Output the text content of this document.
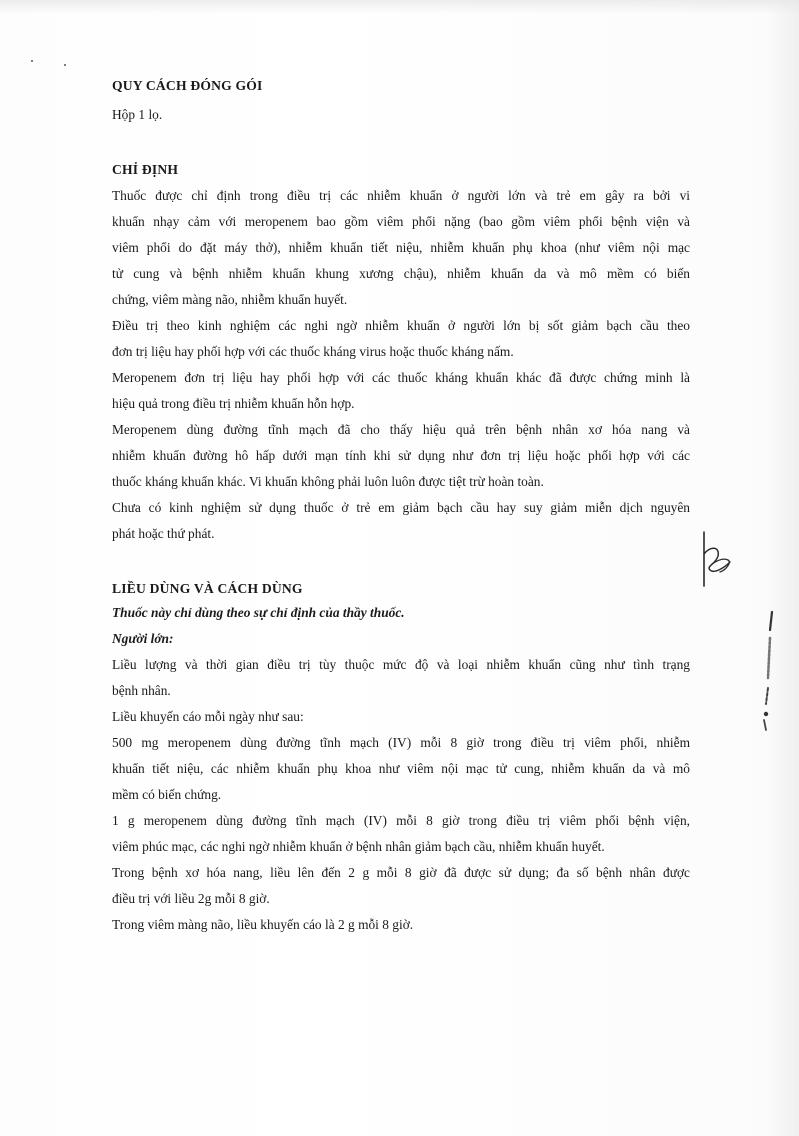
QUY CÁCH ĐÓNG GÓI
Hộp 1 lọ.
CHỈ ĐỊNH
Thuốc được chỉ định trong điều trị các nhiễm khuẩn ở người lớn và trẻ em gây ra bởi vi
khuẩn nhạy cảm với meropenem bao gồm viêm phổi nặng (bao gồm viêm phổi bệnh viện và
viêm phổi do đặt máy thở), nhiễm khuẩn tiết niệu, nhiễm khuẩn phụ khoa (như viêm nội mạc
tử cung và bệnh nhiễm khuẩn khung xương chậu), nhiễm khuẩn da và mô mềm có biến
chứng, viêm màng não, nhiễm khuẩn huyết.
Điều trị theo kinh nghiệm các nghi ngờ nhiễm khuẩn ở người lớn bị sốt giảm bạch cầu theo
đơn trị liệu hay phối hợp với các thuốc kháng virus hoặc thuốc kháng nấm.
Meropenem đơn trị liệu hay phối hợp với các thuốc kháng khuẩn khác đã được chứng minh là
hiệu quả trong điều trị nhiễm khuẩn hỗn hợp.
Meropenem dùng đường tĩnh mạch đã cho thấy hiệu quả trên bệnh nhân xơ hóa nang và
nhiễm khuẩn đường hô hấp dưới mạn tính khi sử dụng như đơn trị liệu hoặc phối hợp với các
thuốc kháng khuẩn khác. Vi khuẩn không phải luôn luôn được tiệt trừ hoàn toàn.
Chưa có kinh nghiệm sử dụng thuốc ở trẻ em giảm bạch cầu hay suy giảm miễn dịch nguyên
phát hoặc thứ phát.
LIỀU DÙNG VÀ CÁCH DÙNG
Thuốc này chỉ dùng theo sự chỉ định của thầy thuốc.
Người lớn:
Liều lượng và thời gian điều trị tùy thuộc mức độ và loại nhiễm khuẩn cũng như tình trạng
bệnh nhân.
Liều khuyến cáo mỗi ngày như sau:
500 mg meropenem dùng đường tĩnh mạch (IV) mỗi 8 giờ trong điều trị viêm phổi, nhiễm
khuẩn tiết niệu, các nhiễm khuẩn phụ khoa như viêm nội mạc tử cung, nhiễm khuẩn da và mô
mềm có biến chứng.
1 g meropenem dùng đường tĩnh mạch (IV) mỗi 8 giờ trong điều trị viêm phổi bệnh viện,
viêm phúc mạc, các nghi ngờ nhiễm khuẩn ở bệnh nhân giảm bạch cầu, nhiễm khuẩn huyết.
Trong bệnh xơ hóa nang, liều lên đến 2 g mỗi 8 giờ đã được sử dụng; đa số bệnh nhân được
điều trị với liều 2g mỗi 8 giờ.
Trong viêm màng não, liều khuyến cáo là 2 g mỗi 8 giờ.
